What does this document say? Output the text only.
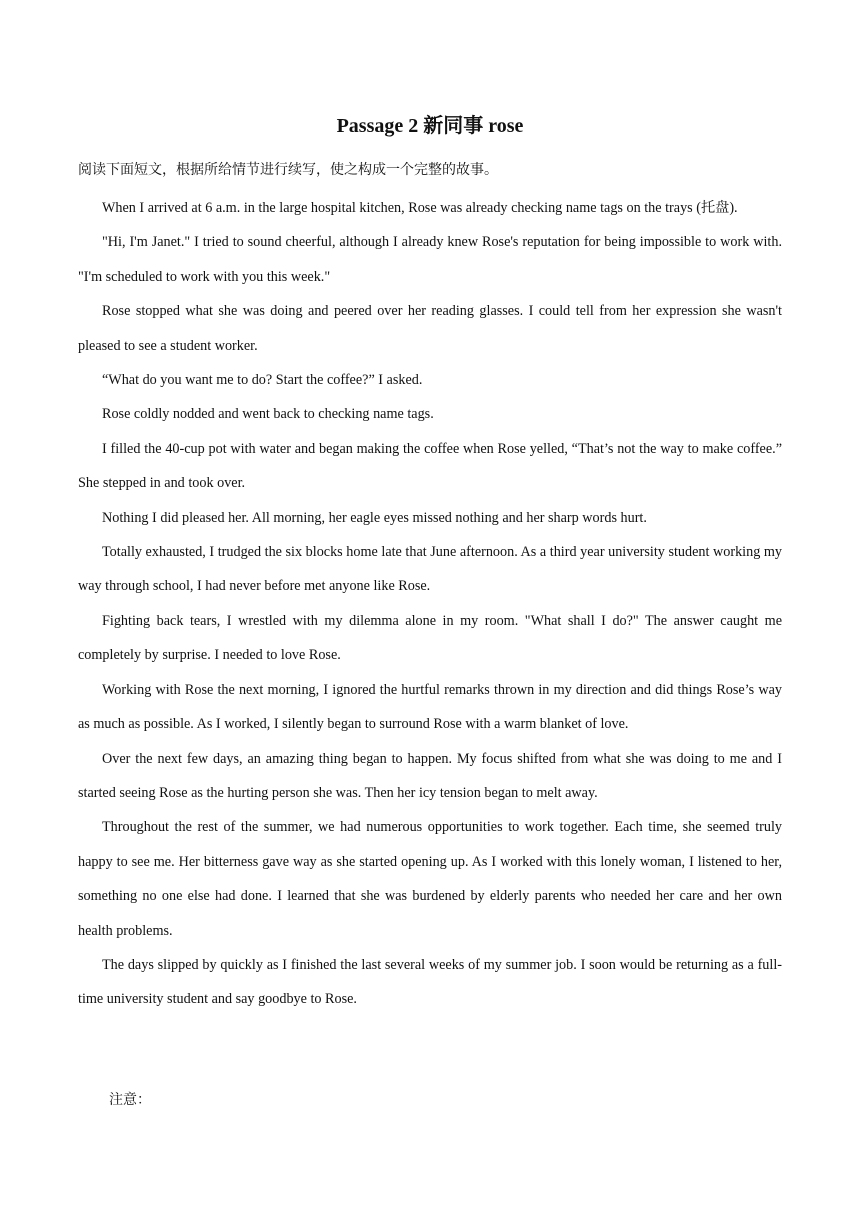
Passage 2 新同事 rose
阅读下面短文，根据所给情节进行续写，使之构成一个完整的故事。

When I arrived at 6 a.m. in the large hospital kitchen, Rose was already checking name tags on the trays (托盘).

"Hi, I'm Janet." I tried to sound cheerful, although I already knew Rose's reputation for being impossible to work with. "I'm scheduled to work with you this week."

Rose stopped what she was doing and peered over her reading glasses. I could tell from her expression she wasn't pleased to see a student worker.

“What do you want me to do? Start the coffee?” I asked.

Rose coldly nodded and went back to checking name tags.

I filled the 40-cup pot with water and began making the coffee when Rose yelled, “That’s not the way to make coffee.” She stepped in and took over.

Nothing I did pleased her. All morning, her eagle eyes missed nothing and her sharp words hurt.

Totally exhausted, I trudged the six blocks home late that June afternoon. As a third year university student working my way through school, I had never before met anyone like Rose.

Fighting back tears, I wrestled with my dilemma alone in my room. "What shall I do?" The answer caught me completely by surprise. I needed to love Rose.

Working with Rose the next morning, I ignored the hurtful remarks thrown in my direction and did things Rose’s way as much as possible. As I worked, I silently began to surround Rose with a warm blanket of love.

Over the next few days, an amazing thing began to happen. My focus shifted from what she was doing to me and I started seeing Rose as the hurting person she was. Then her icy tension began to melt away.

Throughout the rest of the summer, we had numerous opportunities to work together. Each time, she seemed truly happy to see me. Her bitterness gave way as she started opening up. As I worked with this lonely woman, I listened to her, something no one else had done. I learned that she was burdened by elderly parents who needed her care and her own health problems.

The days slipped by quickly as I finished the last several weeks of my summer job. I soon would be returning as a full-time university student and say goodbye to Rose.

注意：
